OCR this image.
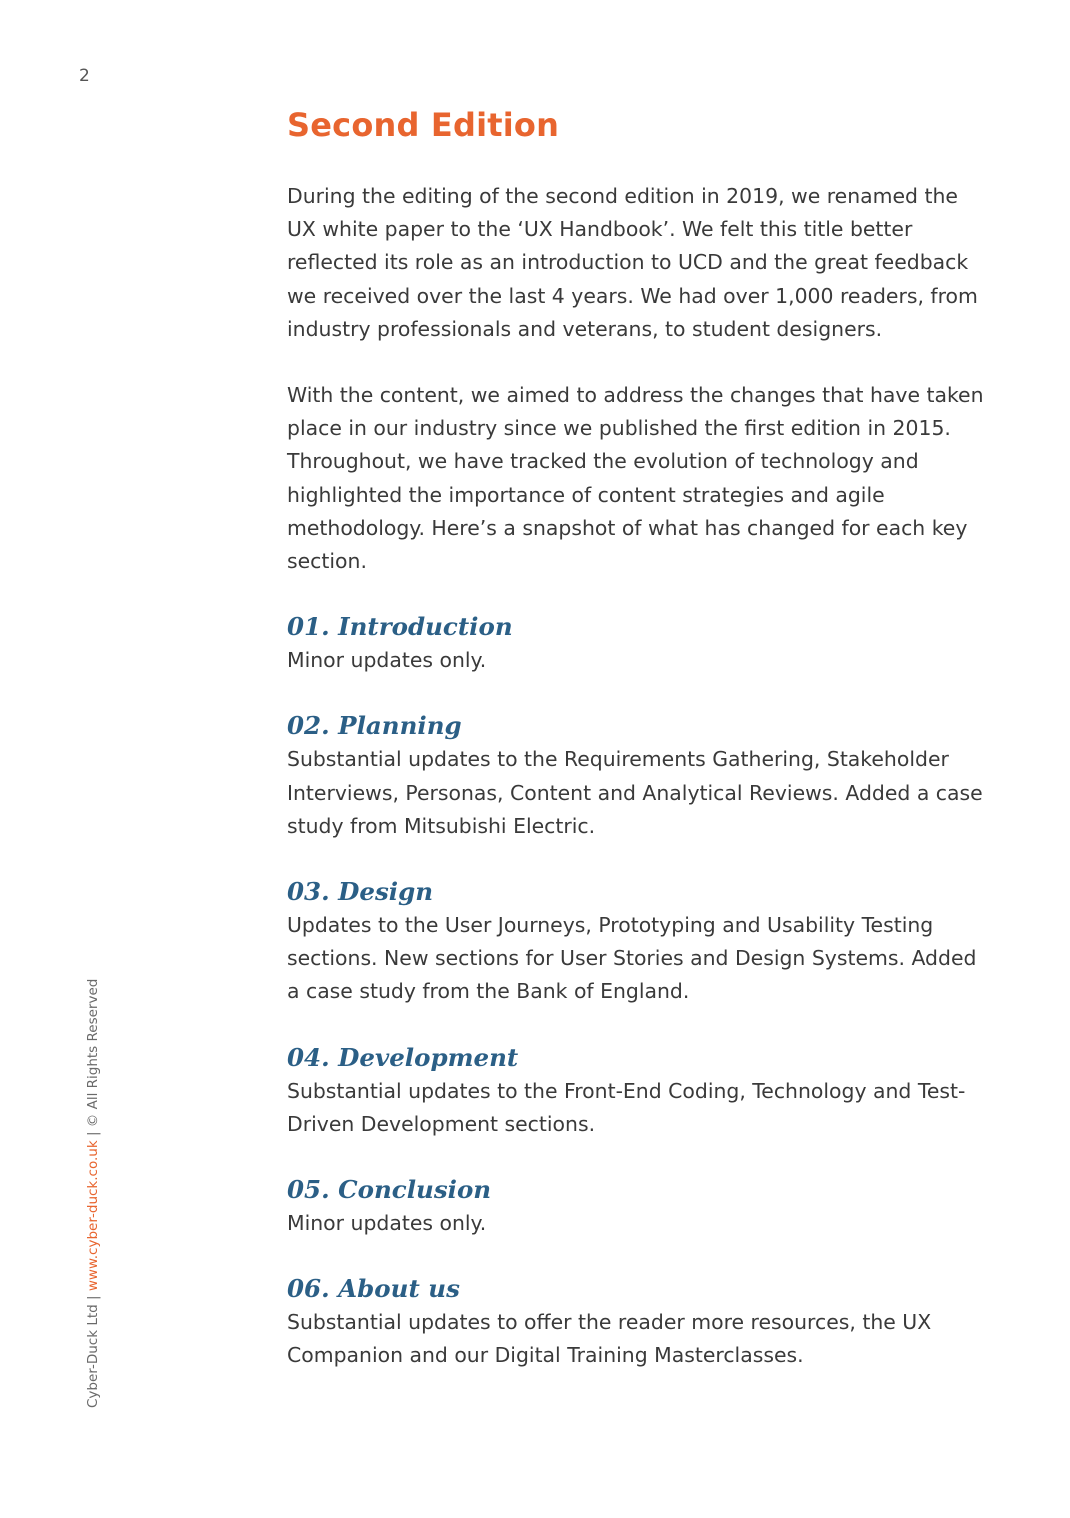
2
Cyber-Duck Ltd | www.cyber-duck.co.uk | © All Rights Reserved
Second Edition

During the editing of the second edition in 2019, we renamed the UX white paper to the ‘UX Handbook’. We felt this title better reflected its role as an introduction to UCD and the great feedback we received over the last 4 years. We had over 1,000 readers, from industry professionals and veterans, to student designers.

With the content, we aimed to address the changes that have taken place in our industry since we published the first edition in 2015. Throughout, we have tracked the evolution of technology and highlighted the importance of content strategies and agile methodology. Here’s a snapshot of what has changed for each key section.

01. Introduction

Minor updates only.

02. Planning

Substantial updates to the Requirements Gathering, Stakeholder Interviews, Personas, Content and Analytical Reviews. Added a case study from Mitsubishi Electric.

03. Design

Updates to the User Journeys, Prototyping and Usability Testing sections. New sections for User Stories and Design Systems. Added a case study from the Bank of England.

04. Development

Substantial updates to the Front-End Coding, Technology and Test-Driven Development sections.

05. Conclusion

Minor updates only.

06. About us

Substantial updates to offer the reader more resources, the UX Companion and our Digital Training Masterclasses.
